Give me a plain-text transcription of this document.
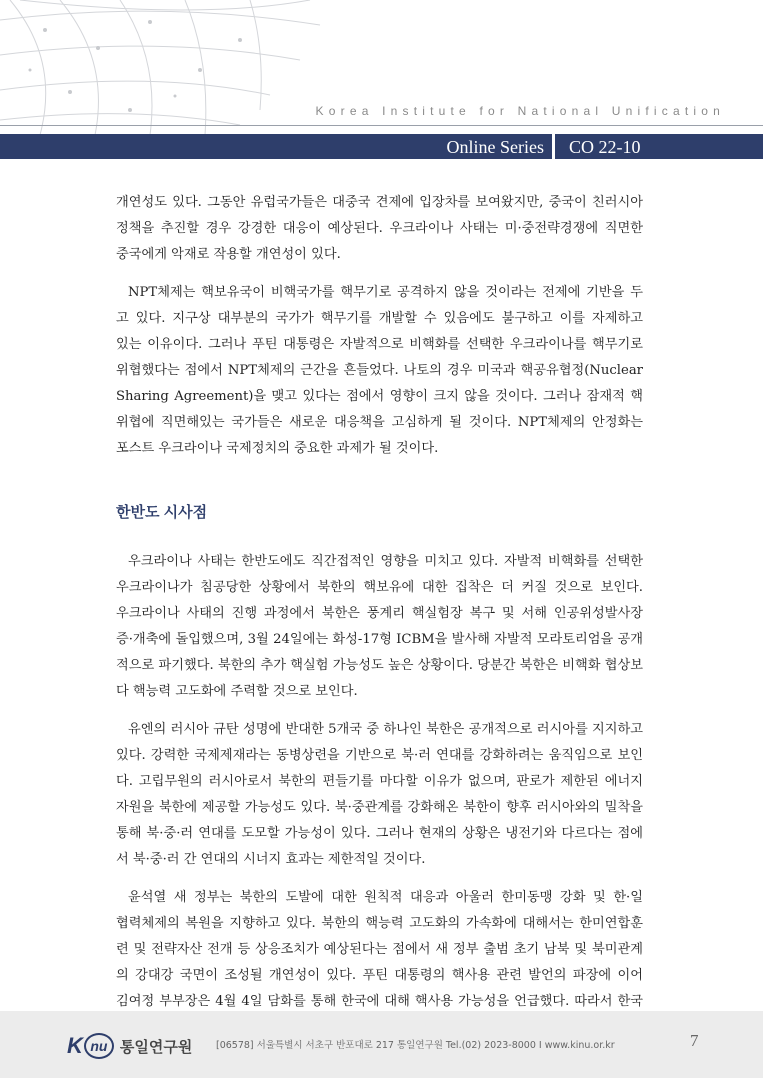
Korea Institute for National Unification
Online Series CO 22-10

개연성도 있다. 그동안 유럽국가들은 대중국 견제에 입장차를 보여왔지만, 중국이 친러시아

정책을 추진할 경우 강경한 대응이 예상된다. 우크라이나 사태는 미·중전략경쟁에 직면한

중국에게 악재로 작용할 개연성이 있다.

NPT체제는 핵보유국이 비핵국가를 핵무기로 공격하지 않을 것이라는 전제에 기반을 두

고 있다. 지구상 대부분의 국가가 핵무기를 개발할 수 있음에도 불구하고 이를 자제하고

있는 이유이다. 그러나 푸틴 대통령은 자발적으로 비핵화를 선택한 우크라이나를 핵무기로

위협했다는 점에서 NPT체제의 근간을 흔들었다. 나토의 경우 미국과 핵공유협정(Nuclear

Sharing Agreement)을 맺고 있다는 점에서 영향이 크지 않을 것이다. 그러나 잠재적 핵

위협에 직면해있는 국가들은 새로운 대응책을 고심하게 될 것이다. NPT체제의 안정화는

포스트 우크라이나 국제정치의 중요한 과제가 될 것이다.

한반도 시사점

우크라이나 사태는 한반도에도 직간접적인 영향을 미치고 있다. 자발적 비핵화를 선택한

우크라이나가 침공당한 상황에서 북한의 핵보유에 대한 집착은 더 커질 것으로 보인다.

우크라이나 사태의 진행 과정에서 북한은 풍계리 핵실험장 복구 및 서해 인공위성발사장

증·개축에 돌입했으며, 3월 24일에는 화성-17형 ICBM을 발사해 자발적 모라토리엄을 공개

적으로 파기했다. 북한의 추가 핵실험 가능성도 높은 상황이다. 당분간 북한은 비핵화 협상보

다 핵능력 고도화에 주력할 것으로 보인다.

유엔의 러시아 규탄 성명에 반대한 5개국 중 하나인 북한은 공개적으로 러시아를 지지하고

있다. 강력한 국제제재라는 동병상련을 기반으로 북·러 연대를 강화하려는 움직임으로 보인

다. 고립무원의 러시아로서 북한의 편들기를 마다할 이유가 없으며, 판로가 제한된 에너지

자원을 북한에 제공할 가능성도 있다. 북·중관계를 강화해온 북한이 향후 러시아와의 밀착을

통해 북·중·러 연대를 도모할 가능성이 있다. 그러나 현재의 상황은 냉전기와 다르다는 점에

서 북·중·러 간 연대의 시너지 효과는 제한적일 것이다.

윤석열 새 정부는 북한의 도발에 대한 원칙적 대응과 아울러 한미동맹 강화 및 한·일

협력체제의 복원을 지향하고 있다. 북한의 핵능력 고도화의 가속화에 대해서는 한미연합훈

련 및 전략자산 전개 등 상응조치가 예상된다는 점에서 새 정부 출범 초기 남북 및 북미관계

의 강대강 국면이 조성될 개연성이 있다. 푸틴 대통령의 핵사용 관련 발언의 파장에 이어

김여정 부부장은 4월 4일 담화를 통해 한국에 대해 핵사용 가능성을 언급했다. 따라서 한국

K nu 통일연구원 [06578] 서울특별시 서초구 반포대로 217 통일연구원 Tel.(02) 2023-8000 I www.kinu.or.kr	7
